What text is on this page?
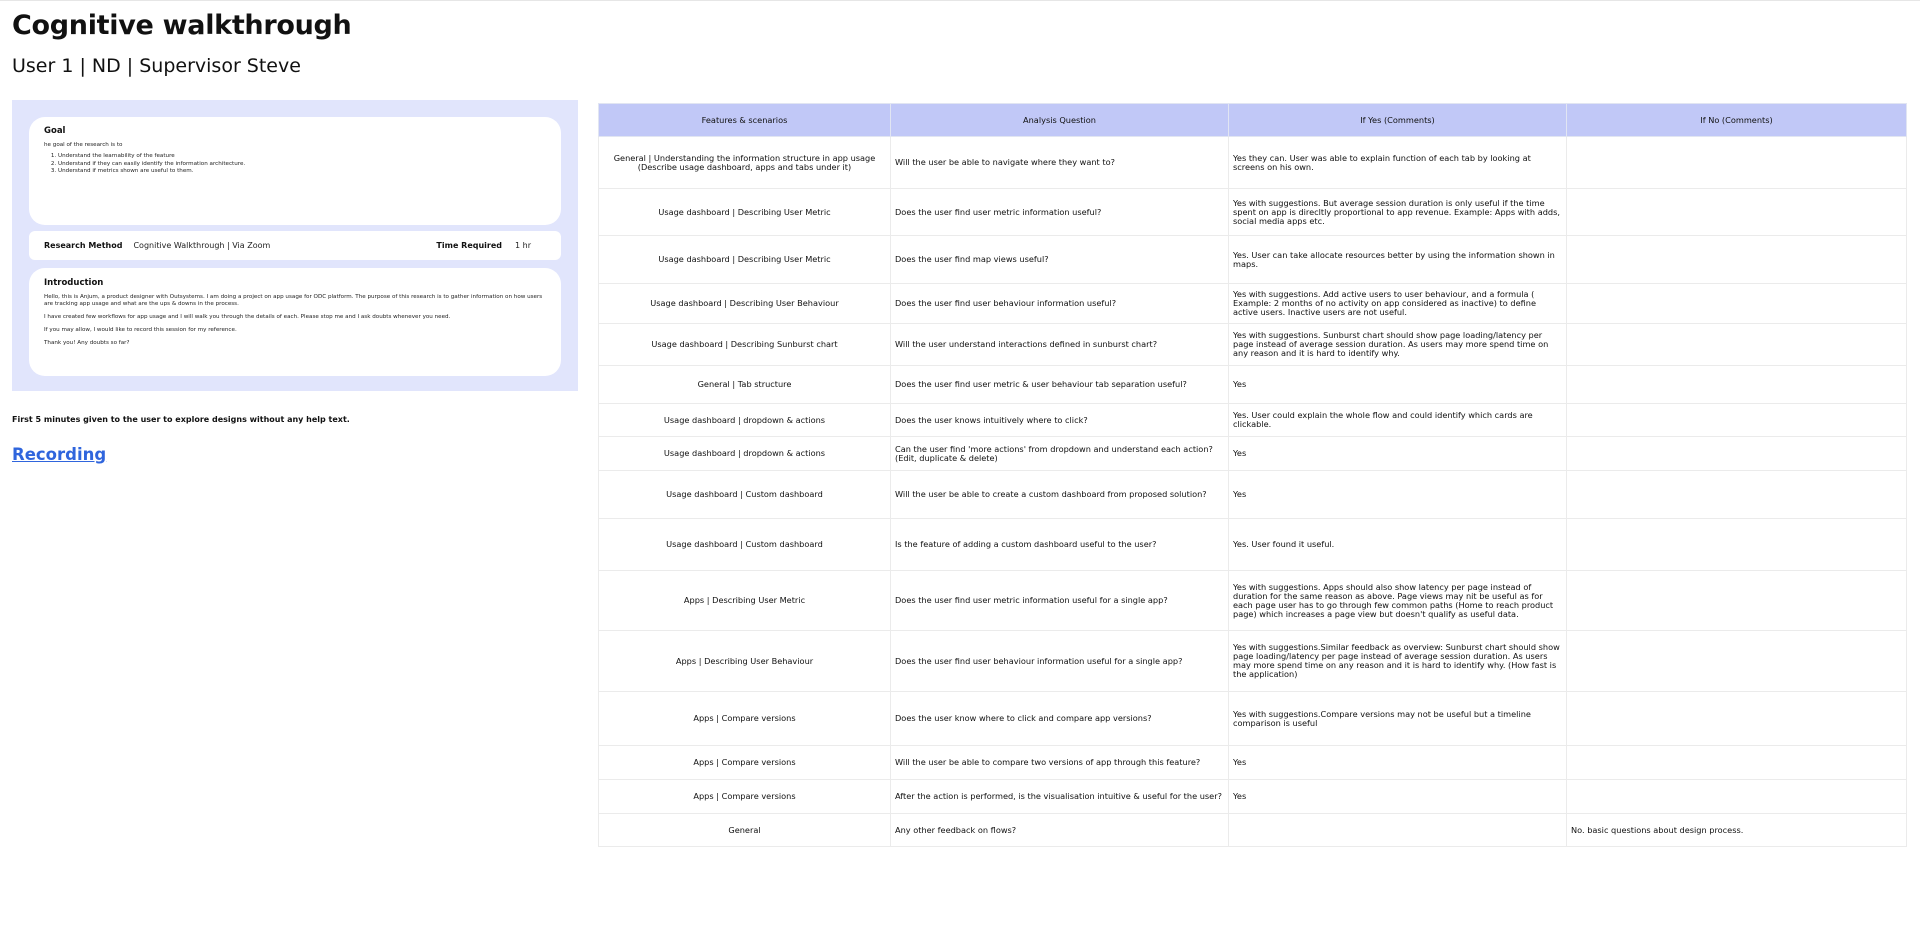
Cognitive walkthrough
User 1 | ND | Supervisor Steve
Goal

he goal of the research is to

1. Understand the learnability of the feature
2. Understand if they can easily identify the information architecture.
3. Understand if metrics shown are useful to them.
Research Method Cognitive Walkthrough | Via Zoom	Time Required 1 hr
Introduction

Hello, this is Anjum, a product designer with Outsystems. I am doing a project on app usage for ODC platform. The purpose of this research is to gather information on how users are tracking app usage and what are the ups & downs in the process.

I have created few workflows for app usage and I will walk you through the details of each. Please stop me and I ask doubts whenever you need.

If you may allow, I would like to record this session for my reference.

Thank you! Any doubts so far?

First 5 minutes given to the user to explore designs without any help text.
Recording
Features & scenarios	Analysis Question	If Yes (Comments)	If No (Comments)
General | Understanding the information structure in app usage (Describe usage dashboard, apps and tabs under it)	Will the user be able to navigate where they want to?	Yes they can. User was able to explain function of each tab by looking at screens on his own.	
Usage dashboard | Describing User Metric	Does the user find user metric information useful?	Yes with suggestions. But average session duration is only useful if the time spent on app is direcltly proportional to app revenue. Example: Apps with adds, social media apps etc.	
Usage dashboard | Describing User Metric	Does the user find map views useful?	Yes. User can take allocate resources better by using the information shown in maps.	
Usage dashboard | Describing User Behaviour	Does the user find user behaviour information useful?	Yes with suggestions. Add active users to user behaviour, and a formula ( Example: 2 months of no activity on app considered as inactive) to define active users. Inactive users are not useful.	
Usage dashboard | Describing Sunburst chart	Will the user understand interactions defined in sunburst chart?	Yes with suggestions. Sunburst chart should show page loading/latency per page instead of average session duration. As users may more spend time on any reason and it is hard to identify why.	
General | Tab structure	Does the user find user metric & user behaviour tab separation useful?	Yes	
Usage dashboard | dropdown & actions	Does the user knows intuitively where to click?	Yes. User could explain the whole flow and could identify which cards are clickable.	
Usage dashboard | dropdown & actions	Can the user find 'more actions' from dropdown and understand each action? (Edit, duplicate & delete)	Yes	
Usage dashboard | Custom dashboard	Will the user be able to create a custom dashboard from proposed solution?	Yes	
Usage dashboard | Custom dashboard	Is the feature of adding a custom dashboard useful to the user?	Yes. User found it useful.	
Apps | Describing User Metric	Does the user find user metric information useful for a single app?	Yes with suggestions. Apps should also show latency per page instead of duration for the same reason as above. Page views may nit be useful as for each page user has to go through few common paths (Home to reach product page) which increases a page view but doesn't qualify as useful data.	
Apps | Describing User Behaviour	Does the user find user behaviour information useful for a single app?	Yes with suggestions.Similar feedback as overview: Sunburst chart should show page loading/latency per page instead of average session duration. As users may more spend time on any reason and it is hard to identify why. (How fast is the application)	
Apps | Compare versions	Does the user know where to click and compare app versions?	Yes with suggestions.Compare versions may not be useful but a timeline comparison is useful	
Apps | Compare versions	Will the user be able to compare two versions of app through this feature?	Yes	
Apps | Compare versions	After the action is performed, is the visualisation intuitive & useful for the user?	Yes	
General	Any other feedback on flows?		No. basic questions about design process.
